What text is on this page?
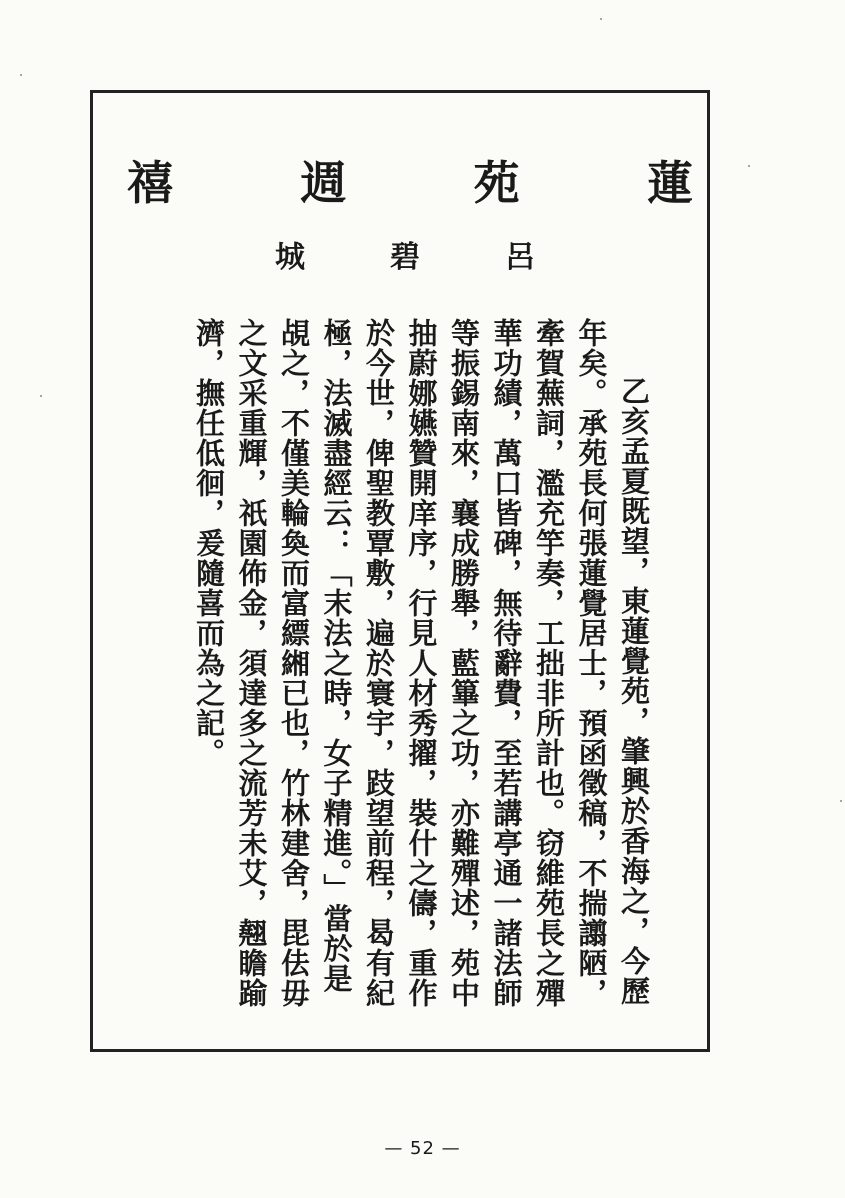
蓮
苑
週
禧
呂
碧
城
乙亥孟夏既望，東蓮覺苑，肇興於香海之，今歷年矣。承苑長何張蓮覺居士，預函徵稿，不揣譾陋，牽賀蕪詞，濫充竽奏，工拙非所計也。窃維苑長之殫華功績，萬口皆碑，無待辭費，至若講亭通一諸法師等振錫南來，襄成勝舉，藍篳之功，亦難殫述，苑中抽蔚娜嬿贊開庠序，行見人材秀擢，裝什之儔，重作於今世，俾聖教覃敷，遍於寰宇，跂望前程，曷有紀極，法滅盡經云：「末法之時，女子精進。」當於是覘之，不僅美輪奐而富縹緗已也，竹林建舍，毘佉毋之文采重輝，祇園佈金，須達多之流芳未艾，翹瞻踰濟，撫任低徊，爰隨喜而為之記。
— 52 —
